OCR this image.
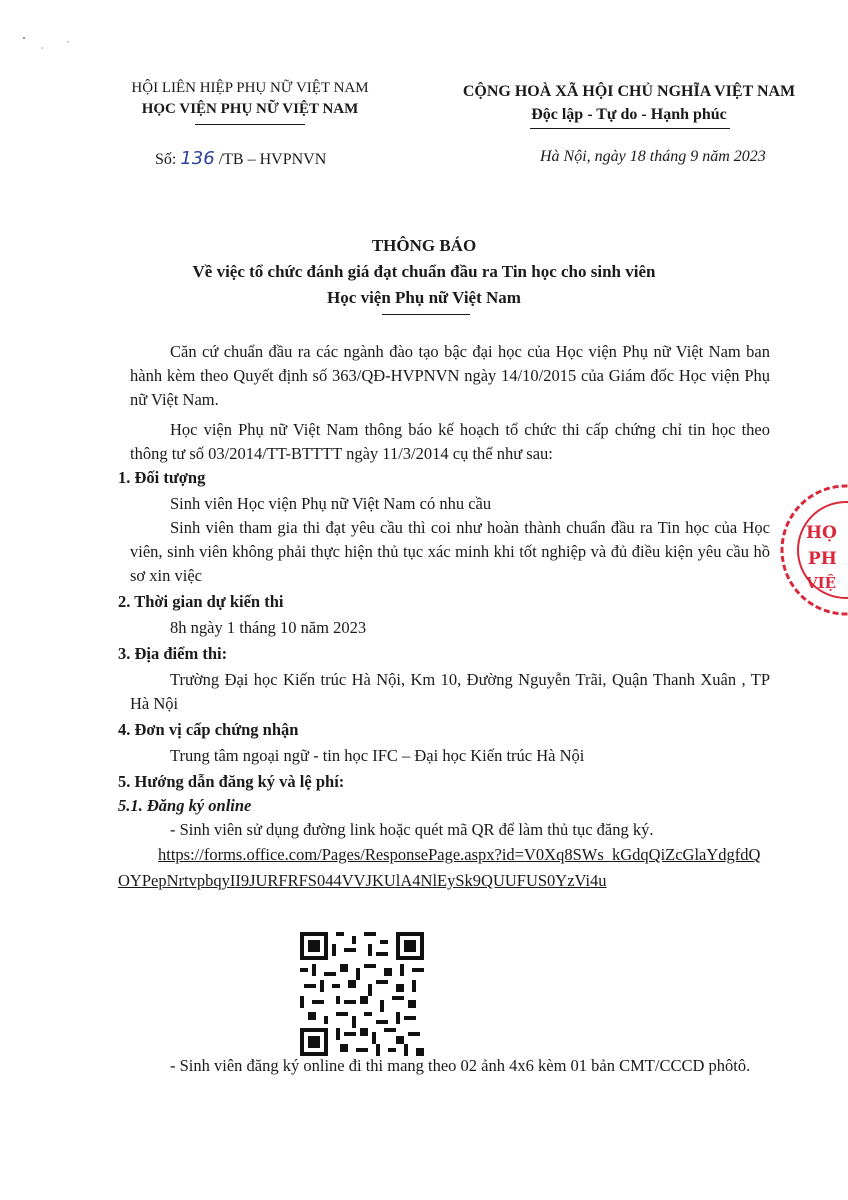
HỘI LIÊN HIỆP PHỤ NỮ VIỆT NAM
HỌC VIỆN PHỤ NỮ VIỆT NAM
CỘNG HOÀ XÃ HỘI CHỦ NGHĨA VIỆT NAM
Độc lập - Tự do - Hạnh phúc
Số: 136 /TB – HVPNVN	Hà Nội, ngày 18 tháng 9 năm 2023
THÔNG BÁO
Về việc tổ chức đánh giá đạt chuẩn đầu ra Tin học cho sinh viên
Học viện Phụ nữ Việt Nam

Căn cứ chuẩn đầu ra các ngành đào tạo bậc đại học của Học viện Phụ nữ Việt Nam ban hành kèm theo Quyết định số 363/QĐ-HVPNVN ngày 14/10/2015 của Giám đốc Học viện Phụ nữ Việt Nam.

Học viện Phụ nữ Việt Nam thông báo kế hoạch tổ chức thi cấp chứng chỉ tin học theo thông tư số 03/2014/TT-BTTTT ngày 11/3/2014 cụ thể như sau:

1. Đối tượng

Sinh viên Học viện Phụ nữ Việt Nam có nhu cầu

Sinh viên tham gia thi đạt yêu cầu thì coi như hoàn thành chuẩn đầu ra Tin học của Học viên, sinh viên không phải thực hiện thủ tục xác minh khi tốt nghiệp và đủ điều kiện yêu cầu hồ sơ xin việc

2. Thời gian dự kiến thi

8h ngày 1 tháng 10 năm 2023

3. Địa điểm thi:

Trường Đại học Kiến trúc Hà Nội, Km 10, Đường Nguyễn Trãi, Quận Thanh Xuân , TP Hà Nội

4. Đơn vị cấp chứng nhận

Trung tâm ngoại ngữ - tin học IFC – Đại học Kiến trúc Hà Nội

5. Hướng dẫn đăng ký và lệ phí:

5.1. Đăng ký online

- Sinh viên sử dụng đường link hoặc quét mã QR để làm thủ tục đăng ký.

https://forms.office.com/Pages/ResponsePage.aspx?id=V0Xq8SWs_kGdqQiZcGlaYdgfdQOYPepNrtvpbqyII9JURFRFS044VVJKUlA4NlEySk9QUUFUS0YzVi4u

- Sinh viên đăng ký online đi thi mang theo 02 ảnh 4x6 kèm 01 bản CMT/CCCD phôtô.

HỌ
PH
VIỆ
